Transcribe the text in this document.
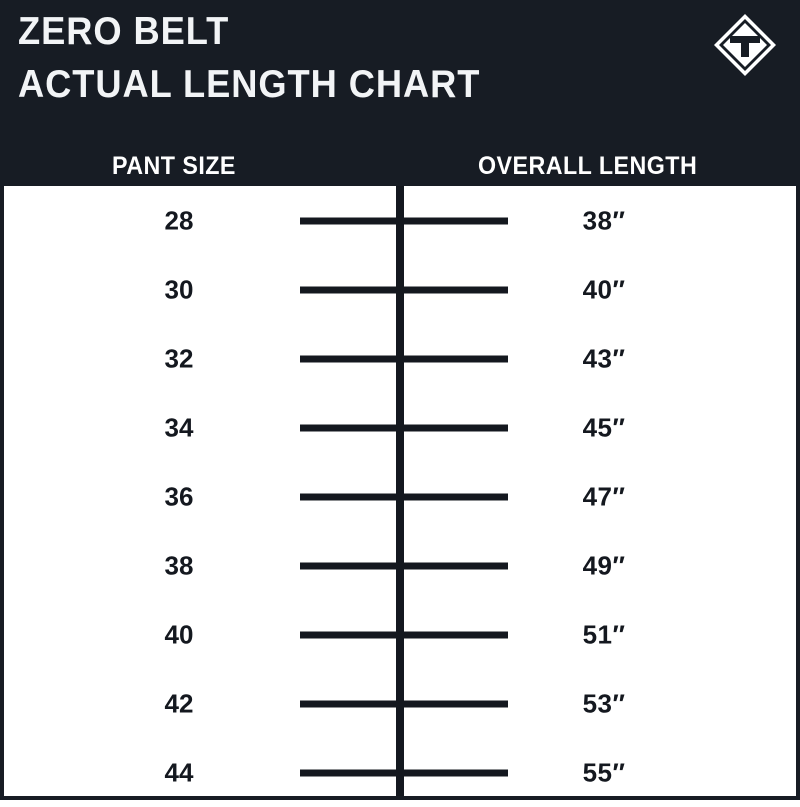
ZERO BELT
ACTUAL LENGTH CHART
PANT SIZE	OVERALL LENGTH
28	38″
30	40″
32	43″
34	45″
36	47″
38	49″
40	51″
42	53″
44	55″
